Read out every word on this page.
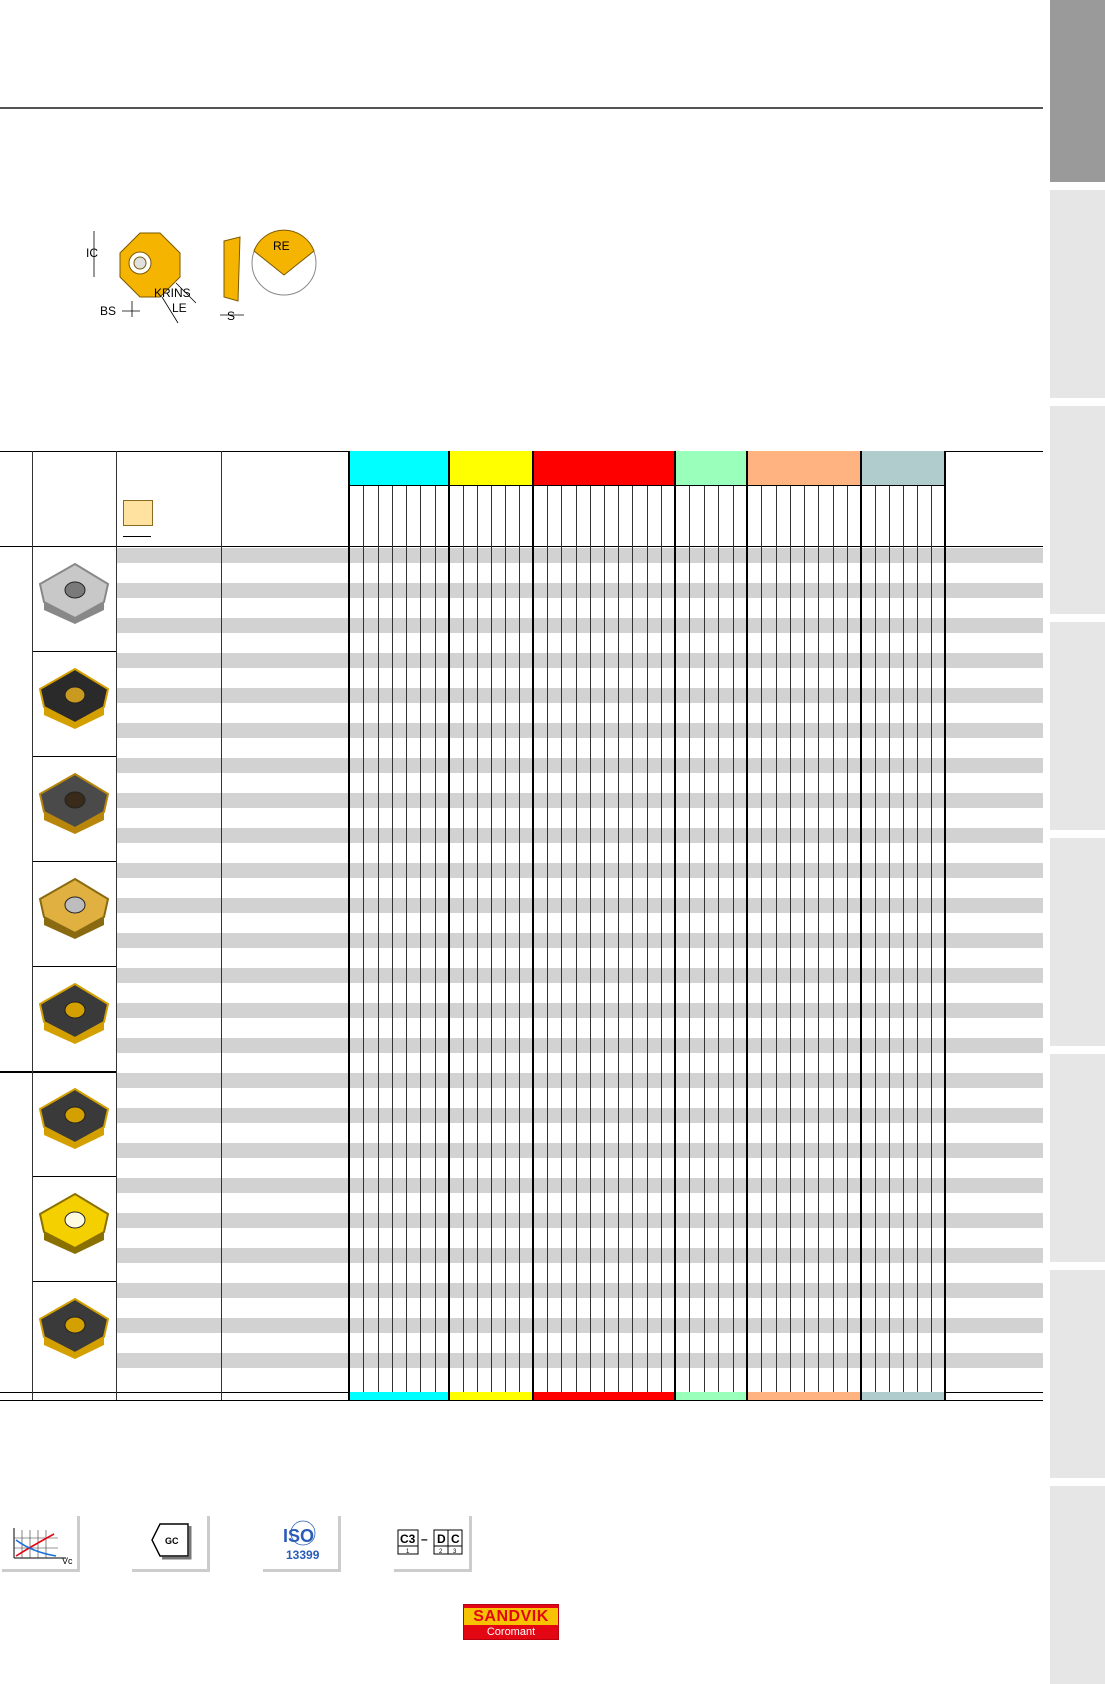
IC
KRINS
BS	LE
S
RE
Vc
GC	ISO
13399
C3 – D C
1	2 3
SANDVIK
Coromant
